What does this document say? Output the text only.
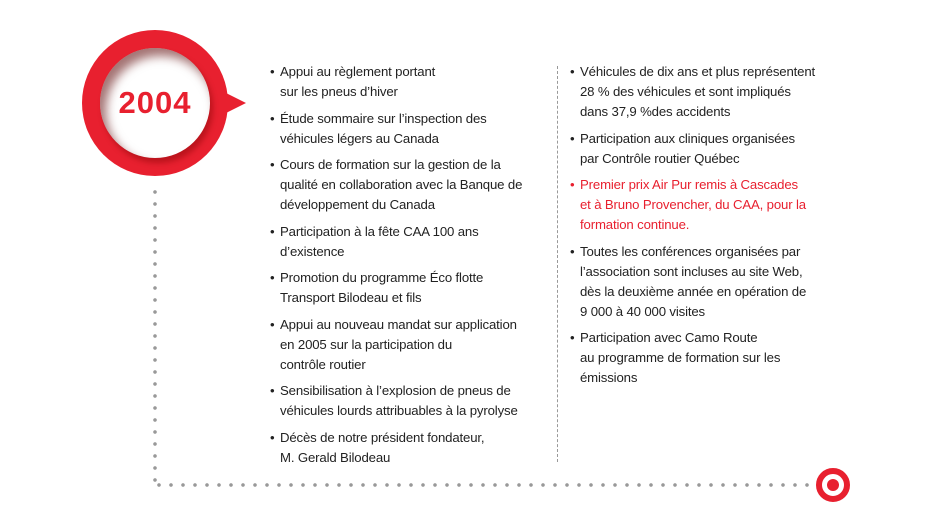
2004
• Appui au règlement portant
sur les pneus d’hiver
• Étude sommaire sur l’inspection des
véhicules légers au Canada
• Cours de formation sur la gestion de la
qualité en collaboration avec la Banque de
développement du Canada
• Participation à la fête CAA 100 ans
d’existence
• Promotion du programme Éco flotte
Transport Bilodeau et fils
• Appui au nouveau mandat sur application
en 2005 sur la participation du
contrôle routier
• Sensibilisation à l’explosion de pneus de
véhicules lourds attribuables à la pyrolyse
• Décès de notre président fondateur,
M. Gerald Bilodeau
• Véhicules de dix ans et plus représentent
28 % des véhicules et sont impliqués
dans 37,9 %des accidents
• Participation aux cliniques organisées
par Contrôle routier Québec
• Premier prix Air Pur remis à Cascades
et à Bruno Provencher, du CAA, pour la
formation continue.
• Toutes les conférences organisées par
l’association sont incluses au site Web,
dès la deuxième année en opération de
9 000 à 40 000 visites
• Participation avec Camo Route
au programme de formation sur les
émissions
